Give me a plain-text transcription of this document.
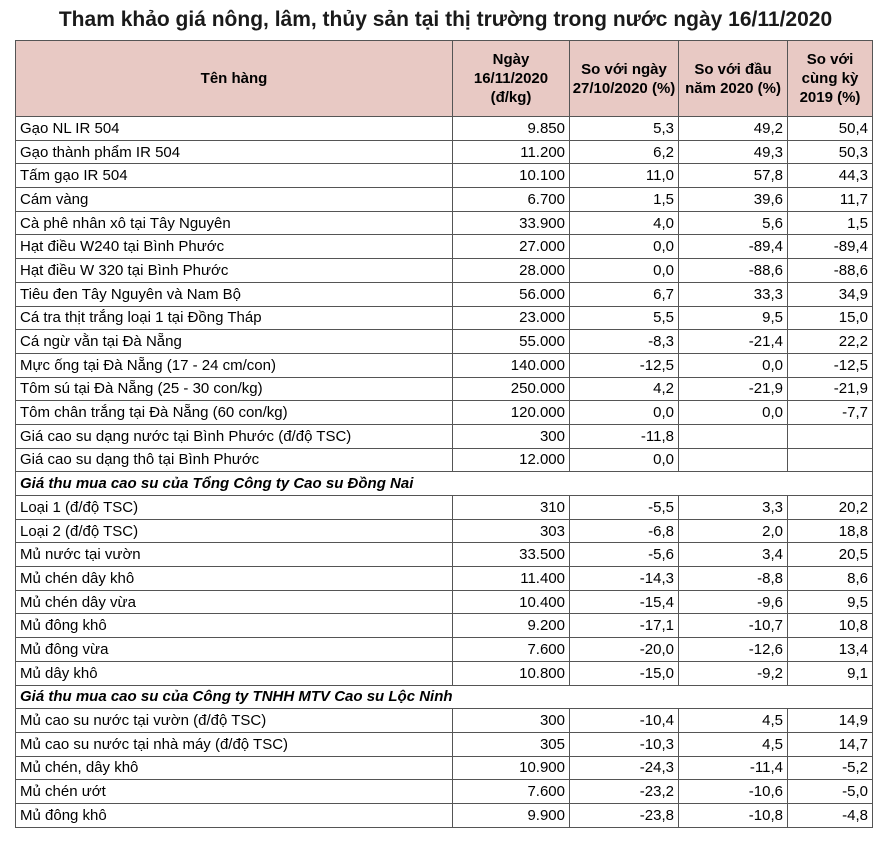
Tham khảo giá nông, lâm, thủy sản tại thị trường trong nước ngày 16/11/2020
Tên hàng	Ngày 16/11/2020 (đ/kg)	So với ngày 27/10/2020 (%)	So với đầu năm 2020 (%)	So với cùng kỳ 2019 (%)
Gạo NL IR 504	9.850	5,3	49,2	50,4
Gạo thành phẩm IR 504	11.200	6,2	49,3	50,3
Tấm gạo IR 504	10.100	11,0	57,8	44,3
Cám vàng	6.700	1,5	39,6	11,7
Cà phê nhân xô tại Tây Nguyên	33.900	4,0	5,6	1,5
Hạt điều W240 tại Bình Phước	27.000	0,0	-89,4	-89,4
Hạt điều W 320 tại Bình Phước	28.000	0,0	-88,6	-88,6
Tiêu đen Tây Nguyên và Nam Bộ	56.000	6,7	33,3	34,9
Cá tra thịt trắng loại 1 tại Đồng Tháp	23.000	5,5	9,5	15,0
Cá ngừ vằn tại Đà Nẵng	55.000	-8,3	-21,4	22,2
Mực ống tại Đà Nẵng (17 - 24 cm/con)	140.000	-12,5	0,0	-12,5
Tôm sú tại Đà Nẵng (25 - 30 con/kg)	250.000	4,2	-21,9	-21,9
Tôm chân trắng tại Đà Nẵng (60 con/kg)	120.000	0,0	0,0	-7,7
Giá cao su dạng nước tại Bình Phước (đ/độ TSC)	300	-11,8		
Giá cao su dạng thô tại Bình Phước	12.000	0,0		
Giá thu mua cao su của Tổng Công ty Cao su Đồng Nai				
Loại 1 (đ/độ TSC)	310	-5,5	3,3	20,2
Loại 2 (đ/độ TSC)	303	-6,8	2,0	18,8
Mủ nước tại vườn	33.500	-5,6	3,4	20,5
Mủ chén dây khô	11.400	-14,3	-8,8	8,6
Mủ chén dây vừa	10.400	-15,4	-9,6	9,5
Mủ đông khô	9.200	-17,1	-10,7	10,8
Mủ đông vừa	7.600	-20,0	-12,6	13,4
Mủ dây khô	10.800	-15,0	-9,2	9,1
Giá thu mua cao su của Công ty TNHH MTV Cao su Lộc Ninh				
Mủ cao su nước tại vườn (đ/độ TSC)	300	-10,4	4,5	14,9
Mủ cao su nước tại nhà máy (đ/độ TSC)	305	-10,3	4,5	14,7
Mủ chén, dây khô	10.900	-24,3	-11,4	-5,2
Mủ chén ướt	7.600	-23,2	-10,6	-5,0
Mủ đông khô	9.900	-23,8	-10,8	-4,8
